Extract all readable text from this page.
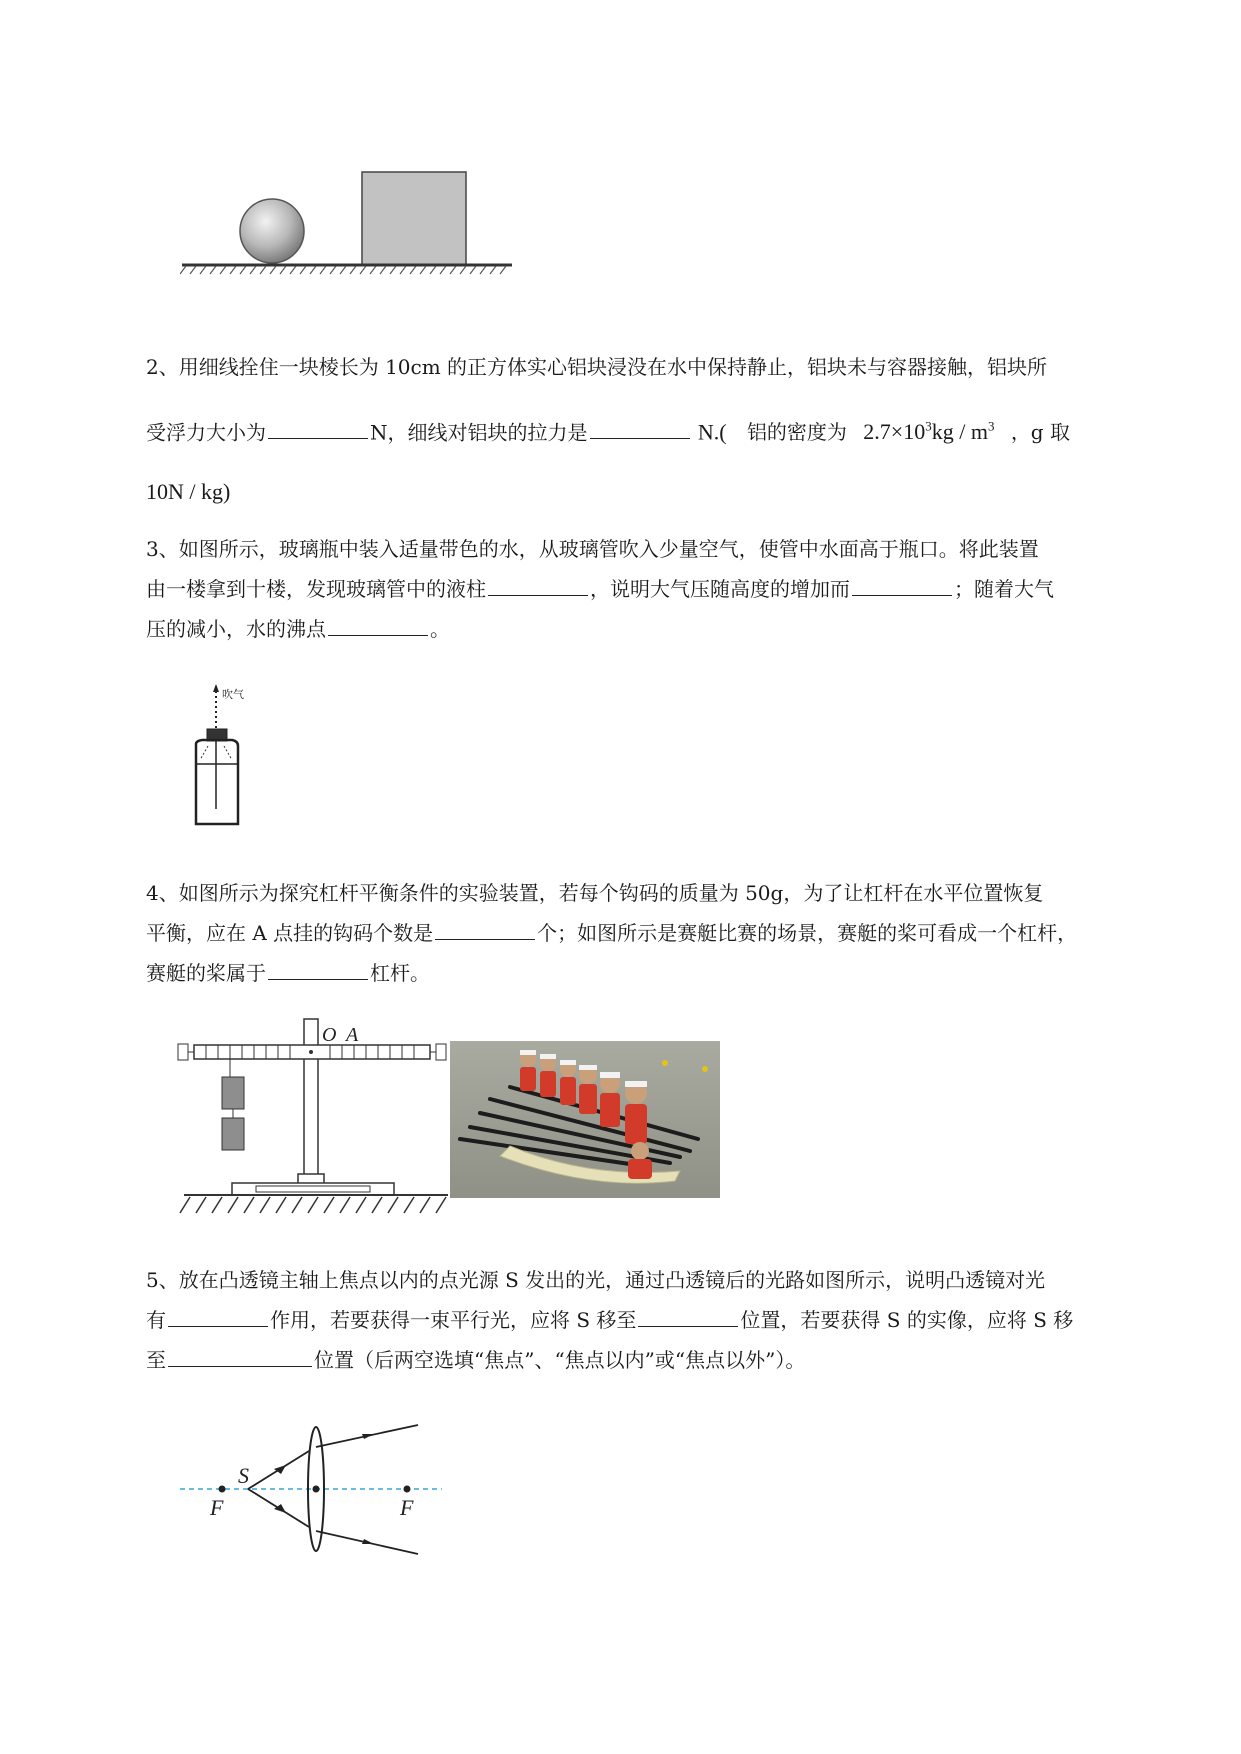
2、用细线拴住一块棱长为 10cm 的正方体实心铝块浸没在水中保持静止，铝块未与容器接触，铝块所
受浮力大小为	N，细线对铝块的拉力是	N.( 铝的密度为 $2.7\times 10^3kg / m^3$ ，g 取
10N / kg)
3、如图所示，玻璃瓶中装入适量带色的水，从玻璃管吹入少量空气，使管中水面高于瓶口。将此装置
由一楼拿到十楼，发现玻璃管中的液柱	，说明大气压随高度的增加而	；随着大气
压的减小，水的沸点	。
吹气
4、如图所示为探究杠杆平衡条件的实验装置，若每个钩码的质量为 50g，为了让杠杆在水平位置恢复
平衡，应在 A 点挂的钩码个数是	个；如图所示是赛艇比赛的场景，赛艇的桨可看成一个杠杆，
赛艇的桨属于	杠杆。
O A
5、放在凸透镜主轴上焦点以内的点光源 S 发出的光，通过凸透镜后的光路如图所示，说明凸透镜对光
有	作用，若要获得一束平行光，应将 S 移至	位置，若要获得 S 的实像，应将 S 移
至	位置（后两空选填“焦点”、“焦点以内”或“焦点以外”）。
S
F	F
